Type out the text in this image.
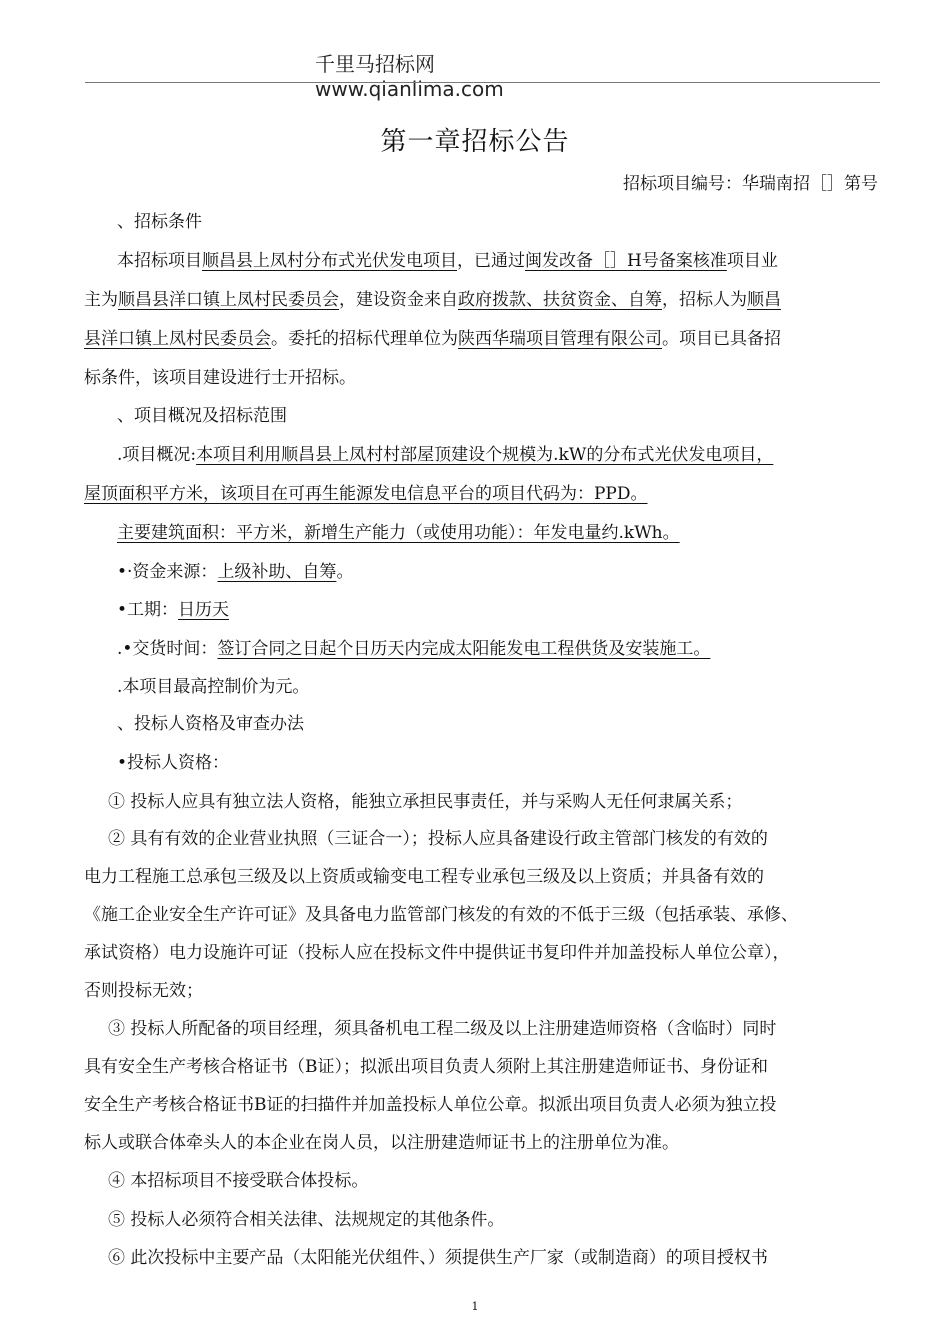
千里马招标网
www.qianlima.com
第一章招标公告
招标项目编号：华瑞南招［］第号
、招标条件
本招标项目顺昌县上凤村分布式光伏发电项目，已通过闽发改备［］H号备案核准项目业
主为顺昌县洋口镇上凤村民委员会，建设资金来自政府拨款、扶贫资金、自筹，招标人为顺昌
县洋口镇上凤村民委员会。委托的招标代理单位为陕西华瑞项目管理有限公司。项目已具备招
标条件，该项目建设进行士开招标。
、项目概况及招标范围
.项目概况:本项目利用顺昌县上凤村村部屋顶建设个规模为.kW的分布式光伏发电项目，
屋顶面积平方米，该项目在可再生能源发电信息平台的项目代码为：PPD。
主要建筑面积：平方米，新增生产能力（或使用功能）：年发电量约.kWh。
•·资金来源：上级补助、自筹。
•工期：日历天
.•交货时间：签订合同之日起个日历天内完成太阳能发电工程供货及安装施工。
.本项目最高控制价为元。
、投标人资格及审查办法
•投标人资格：
① 投标人应具有独立法人资格，能独立承担民事责任，并与采购人无任何隶属关系；
② 具有有效的企业营业执照（三证合一）；投标人应具备建设行政主管部门核发的有效的
电力工程施工总承包三级及以上资质或输变电工程专业承包三级及以上资质；并具备有效的
《施工企业安全生产许可证》及具备电力监管部门核发的有效的不低于三级（包括承装、承修、
承试资格）电力设施许可证（投标人应在投标文件中提供证书复印件并加盖投标人单位公章），
否则投标无效；
③ 投标人所配备的项目经理，须具备机电工程二级及以上注册建造师资格（含临时）同时
具有安全生产考核合格证书（B证）；拟派出项目负责人须附上其注册建造师证书、身份证和
安全生产考核合格证书B证的扫描件并加盖投标人单位公章。拟派出项目负责人必须为独立投
标人或联合体牵头人的本企业在岗人员，以注册建造师证书上的注册单位为准。
④ 本招标项目不接受联合体投标。
⑤ 投标人必须符合相关法律、法规规定的其他条件。
⑥ 此次投标中主要产品（太阳能光伏组件、）须提供生产厂家（或制造商）的项目授权书
1
